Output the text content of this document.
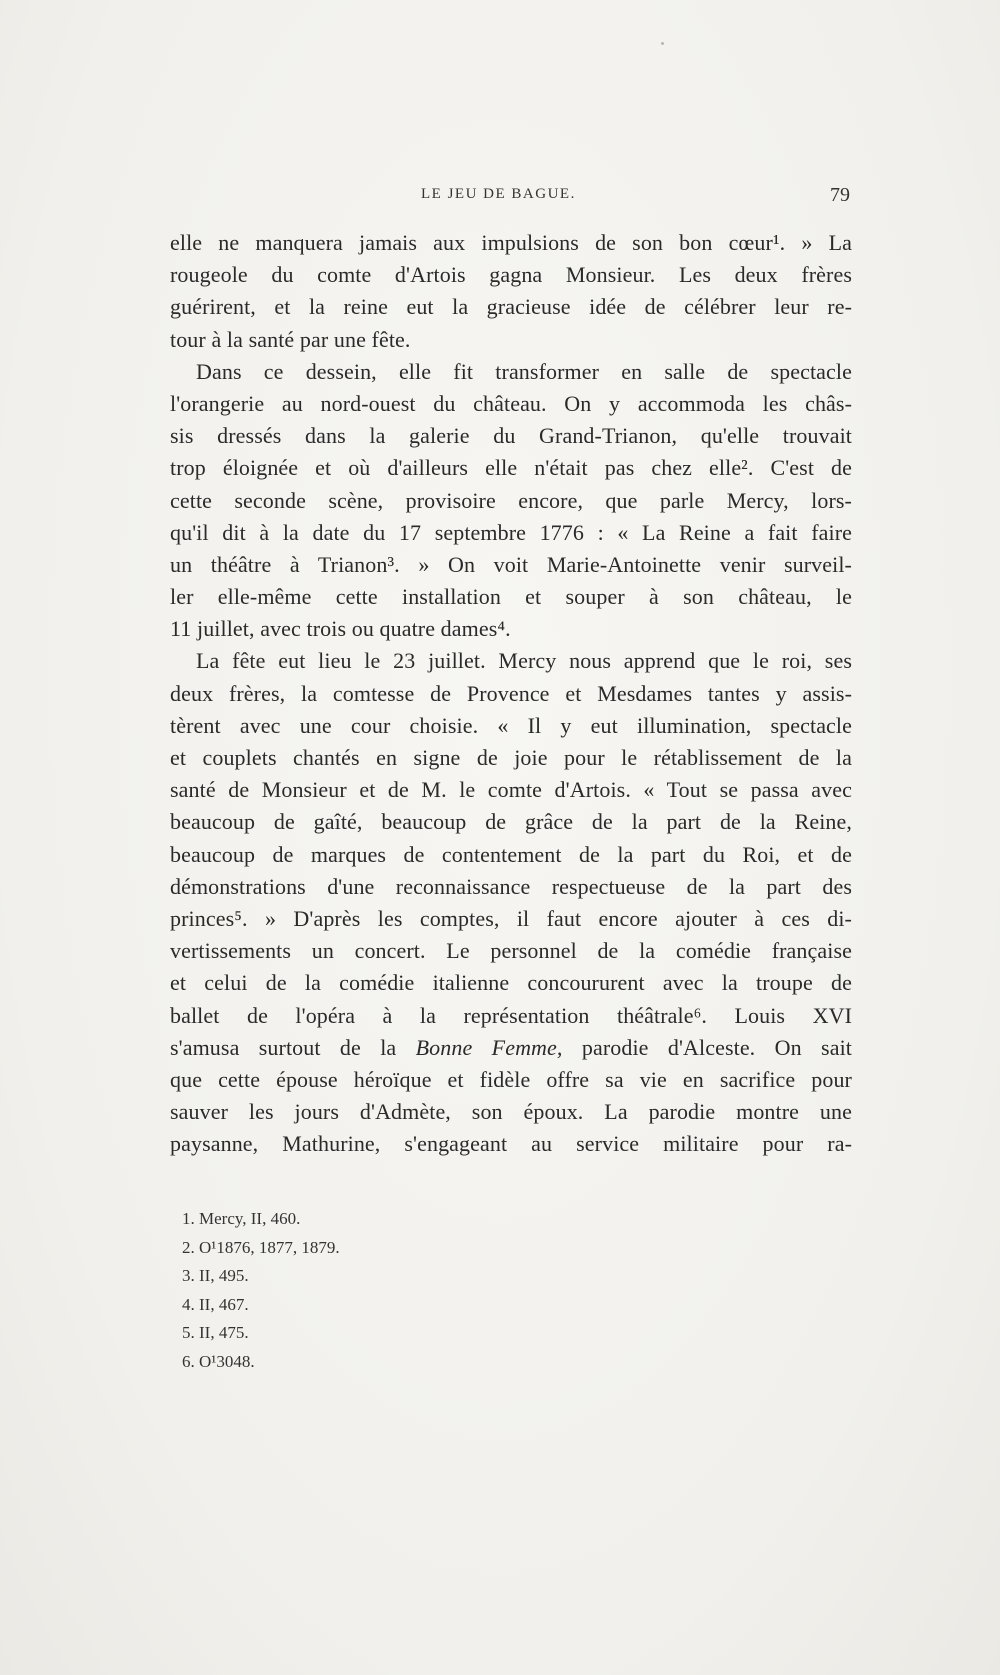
LE JEU DE BAGUE.	79
elle ne manquera jamais aux impulsions de son bon cœur¹. » La
rougeole du comte d'Artois gagna Monsieur. Les deux frères
guérirent, et la reine eut la gracieuse idée de célébrer leur re-
tour à la santé par une fête.
Dans ce dessein, elle fit transformer en salle de spectacle
l'orangerie au nord-ouest du château. On y accommoda les châs-
sis dressés dans la galerie du Grand-Trianon, qu'elle trouvait
trop éloignée et où d'ailleurs elle n'était pas chez elle². C'est de
cette seconde scène, provisoire encore, que parle Mercy, lors-
qu'il dit à la date du 17 septembre 1776 : « La Reine a fait faire
un théâtre à Trianon³. » On voit Marie-Antoinette venir surveil-
ler elle-même cette installation et souper à son château, le
11 juillet, avec trois ou quatre dames⁴.
La fête eut lieu le 23 juillet. Mercy nous apprend que le roi, ses
deux frères, la comtesse de Provence et Mesdames tantes y assis-
tèrent avec une cour choisie. « Il y eut illumination, spectacle
et couplets chantés en signe de joie pour le rétablissement de la
santé de Monsieur et de M. le comte d'Artois. « Tout se passa avec
beaucoup de gaîté, beaucoup de grâce de la part de la Reine,
beaucoup de marques de contentement de la part du Roi, et de
démonstrations d'une reconnaissance respectueuse de la part des
princes⁵. » D'après les comptes, il faut encore ajouter à ces di-
vertissements un concert. Le personnel de la comédie française
et celui de la comédie italienne concoururent avec la troupe de
ballet de l'opéra à la représentation théâtrale⁶. Louis XVI
s'amusa surtout de la Bonne Femme, parodie d'Alceste. On sait
que cette épouse héroïque et fidèle offre sa vie en sacrifice pour
sauver les jours d'Admète, son époux. La parodie montre une
paysanne, Mathurine, s'engageant au service militaire pour ra-
1. Mercy, II, 460.
2. O¹1876, 1877, 1879.
3. II, 495.
4. II, 467.
5. II, 475.
6. O¹3048.
